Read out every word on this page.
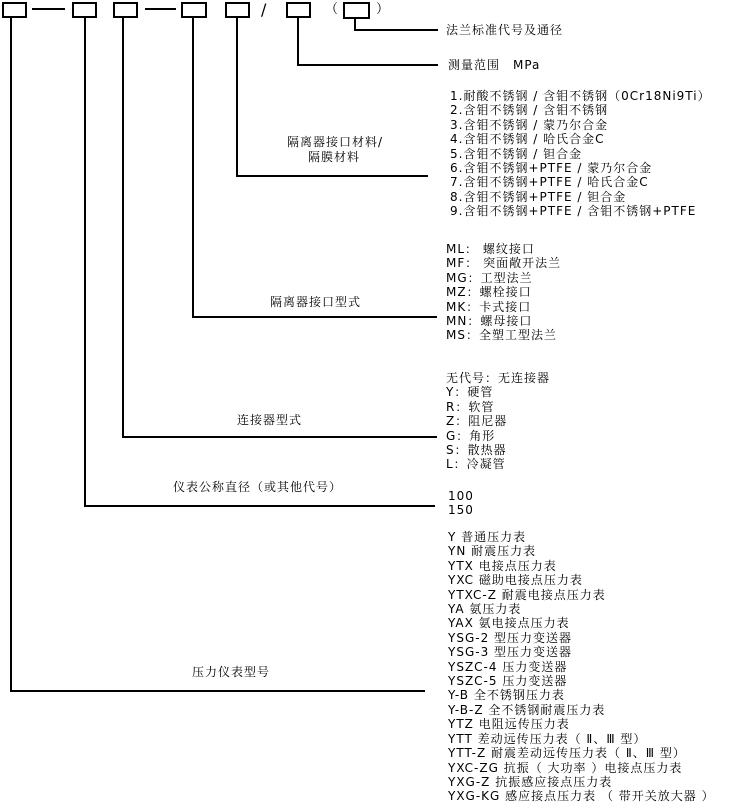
/	（	）
法兰标准代号及通径
测量范围　MPa
隔离器接口材料/
隔膜材料
隔离器接口型式
连接器型式
仪表公称直径（或其他代号）
压力仪表型号
1.耐酸不锈钢 / 含钼不锈钢（0Cr18Ni9Ti）
2.含钼不锈钢 / 含钼不锈钢
3.含钼不锈钢 / 蒙乃尔合金
4.含钼不锈钢 / 哈氏合金C
5.含钼不锈钢 / 钽合金
6.含钼不锈钢+PTFE / 蒙乃尔合金
7.含钼不锈钢+PTFE / 哈氏合金C
8.含钼不锈钢+PTFE / 钽合金
9.含钼不锈钢+PTFE / 含钼不锈钢+PTFE
ML： 螺纹接口
MF： 突面敞开法兰
MG：工型法兰
MZ：螺栓接口
MK：卡式接口
MN：螺母接口
MS：全塑工型法兰
无代号：无连接器
Y：硬管
R：软管
Z：阻尼器
G：角形
S：散热器
L：冷凝管
100
150
Y 普通压力表
YN 耐震压力表
YTX 电接点压力表
YXC 磁助电接点压力表
YTXC-Z 耐震电接点压力表
YA 氨压力表
YAX 氨电接点压力表
YSG-2 型压力变送器
YSG-3 型压力变送器
YSZC-4 压力变送器
YSZC-5 压力变送器
Y-B 全不锈钢压力表
Y-B-Z 全不锈钢耐震压力表
YTZ 电阻远传压力表
YTT 差动远传压力表（ Ⅱ、Ⅲ 型）
YTT-Z 耐震差动远传压力表（ Ⅱ、Ⅲ 型）
YXC-ZG 抗振（ 大功率 ）电接点压力表
YXG-Z 抗振感应接点压力表
YXG-KG 感应接点压力表 （ 带开关放大器 ）
